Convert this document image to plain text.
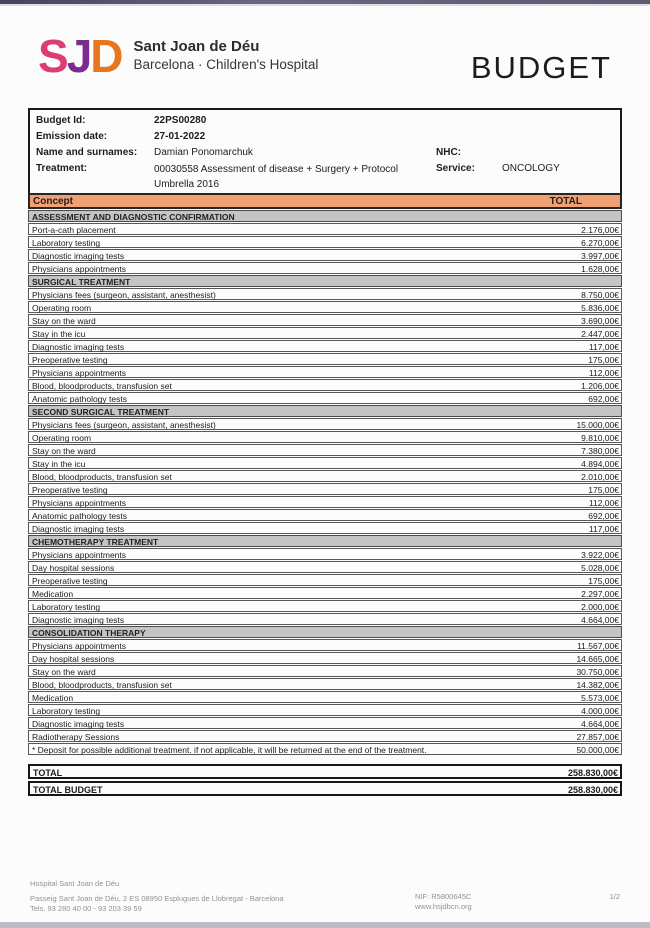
SJD Sant Joan de Déu
Barcelona · Children's Hospital	BUDGET
Budget Id:	22PS00280
Emission date:	27-01-2022
Name and surnames:	Damian Ponomarchuk	NHC:
Treatment:	00030558 Assessment of disease + Surgery + Protocol Umbrella 2016
Service:	ONCOLOGY
Concept	TOTAL
ASSESSMENT AND DIAGNOSTIC CONFIRMATION
Port-a-cath placement	2.176,00€
Laboratory testing	6.270,00€
Diagnostic imaging tests	3.997,00€
Physicians appointments	1.628,00€
SURGICAL TREATMENT
Physicians fees (surgeon, assistant, anesthesist)	8.750,00€
Operating room	5.836,00€
Stay on the ward	3.690,00€
Stay in the icu	2.447,00€
Diagnostic imaging tests	117,00€
Preoperative testing	175,00€
Physicians appointments	112,00€
Blood, bloodproducts, transfusion set	1.206,00€
Anatomic pathology tests	692,00€
SECOND SURGICAL TREATMENT
Physicians fees (surgeon, assistant, anesthesist)	15.000,00€
Operating room	9.810,00€
Stay on the ward	7.380,00€
Stay in the icu	4.894,00€
Blood, bloodproducts, transfusion set	2.010,00€
Preoperative testing	175,00€
Physicians appointments	112,00€
Anatomic pathology tests	692,00€
Diagnostic imaging tests	117,00€
CHEMOTHERAPY TREATMENT
Physicians appointments	3.922,00€
Day hospital sessions	5.028,00€
Preoperative testing	175,00€
Medication	2.297,00€
Laboratory testing	2.000,00€
Diagnostic imaging tests	4.664,00€
CONSOLIDATION THERAPY
Physicians appointments	11.567,00€
Day hospital sessions	14.665,00€
Stay on the ward	30.750,00€
Blood, bloodproducts, transfusion set	14.382,00€
Medication	5.573,00€
Laboratory testing	4.000,00€
Diagnostic imaging tests	4.664,00€
Radiotherapy Sessions	27.857,00€
* Deposit for possible additional treatment. if not applicable, it will be returned at the end of the treatment.	50.000,00€
TOTAL	258.830,00€
TOTAL BUDGET	258.830,00€
Hospital Sant Joan de Déu
Passeig Sant Joan de Déu, 2 ES 08950 Esplugues de Llobregat - Barcelona
Tels. 93 280 40 00 - 93 203 39 59
NIF: R5800645C
www.hsjdbcn.org
1/2
